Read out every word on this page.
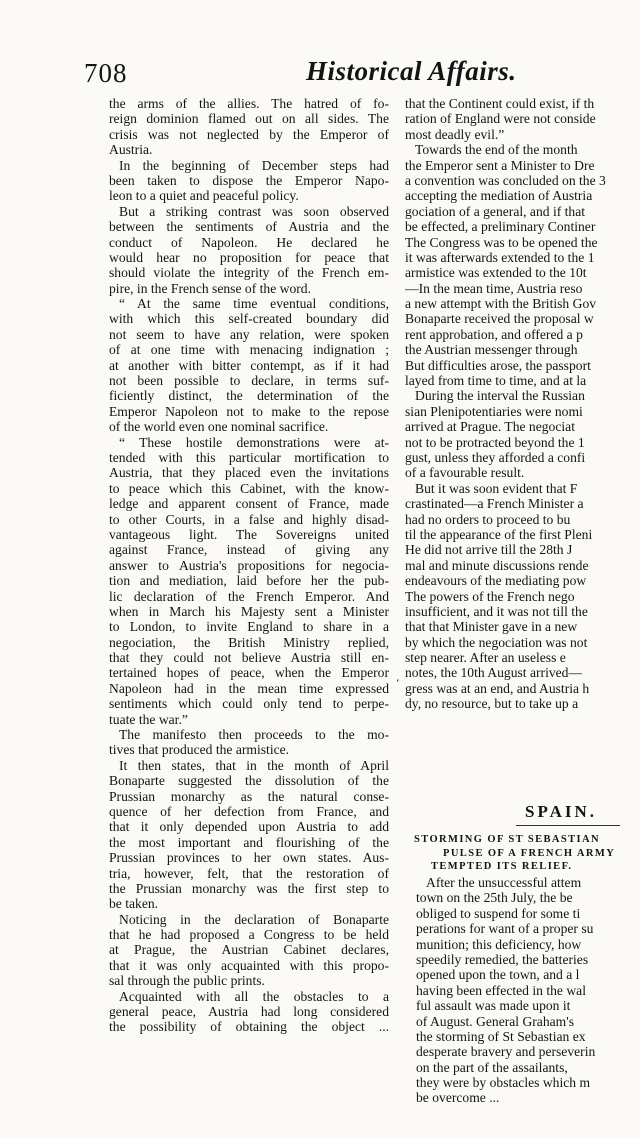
708	Historical Affairs.
the arms of the allies. The hatred of fo-
reign dominion flamed out on all sides. The
crisis was not neglected by the Emperor of
Austria.
In the beginning of December steps had
been taken to dispose the Emperor Napo-
leon to a quiet and peaceful policy.
But a striking contrast was soon observed
between the sentiments of Austria and the
conduct of Napoleon. He declared he
would hear no proposition for peace that
should violate the integrity of the French em-
pire, in the French sense of the word.
“ At the same time eventual conditions,
with which this self-created boundary did
not seem to have any relation, were spoken
of at one time with menacing indignation ;
at another with bitter contempt, as if it had
not been possible to declare, in terms suf-
ficiently distinct, the determination of the
Emperor Napoleon not to make to the repose
of the world even one nominal sacrifice.
“ These hostile demonstrations were at-
tended with this particular mortification to
Austria, that they placed even the invitations
to peace which this Cabinet, with the know-
ledge and apparent consent of France, made
to other Courts, in a false and highly disad-
vantageous light. The Sovereigns united
against France, instead of giving any
answer to Austria's propositions for negocia-
tion and mediation, laid before her the pub-
lic declaration of the French Emperor. And
when in March his Majesty sent a Minister
to London, to invite England to share in a
negociation, the British Ministry replied,
that they could not believe Austria still en-
tertained hopes of peace, when the Emperor
Napoleon had in the mean time expressed
sentiments which could only tend to perpe-
tuate the war.”
The manifesto then proceeds to the mo-
tives that produced the armistice.
It then states, that in the month of April
Bonaparte suggested the dissolution of the
Prussian monarchy as the natural conse-
quence of her defection from France, and
that it only depended upon Austria to add
the most important and flourishing of the
Prussian provinces to her own states. Aus-
tria, however, felt, that the restoration of
the Prussian monarchy was the first step to
be taken.
Noticing in the declaration of Bonaparte
that he had proposed a Congress to be held
at Prague, the Austrian Cabinet declares,
that it was only acquainted with this propo-
sal through the public prints.
Acquainted with all the obstacles to a
general peace, Austria had long considered
the possibility of obtaining the object ...
that the Continent could exist, if th
ration of England were not conside
most deadly evil.”
Towards the end of the month
the Emperor sent a Minister to Dre
a convention was concluded on the 3
accepting the mediation of Austria
gociation of a general, and if that
be effected, a preliminary Continer
The Congress was to be opened the
it was afterwards extended to the 1
armistice was extended to the 10t
—In the mean time, Austria reso
a new attempt with the British Gov
Bonaparte received the proposal w
rent approbation, and offered a p
the Austrian messenger through
But difficulties arose, the passport
layed from time to time, and at la
During the interval the Russian
sian Plenipotentiaries were nomi
arrived at Prague. The negociat
not to be protracted beyond the 1
gust, unless they afforded a confi
of a favourable result.
But it was soon evident that F
crastinated—a French Minister a
had no orders to proceed to bu
til the appearance of the first Pleni
He did not arrive till the 28th J
mal and minute discussions rende
endeavours of the mediating pow
The powers of the French nego
insufficient, and it was not till the
that that Minister gave in a new
by which the negociation was not
step nearer. After an useless e
notes, the 10th August arrived—
gress was at an end, and Austria h
dy, no resource, but to take up a
‘
SPAIN.
STORMING OF ST SEBASTIAN
PULSE OF A FRENCH ARMY
TEMPTED ITS RELIEF.
After the unsuccessful attem
town on the 25th July, the be
obliged to suspend for some ti
perations for want of a proper su
munition; this deficiency, how
speedily remedied, the batteries
opened upon the town, and a l
having been effected in the wal
ful assault was made upon it
of August. General Graham's
the storming of St Sebastian ex
desperate bravery and perseverin
on the part of the assailants,
they were by obstacles which m
be overcome ...
